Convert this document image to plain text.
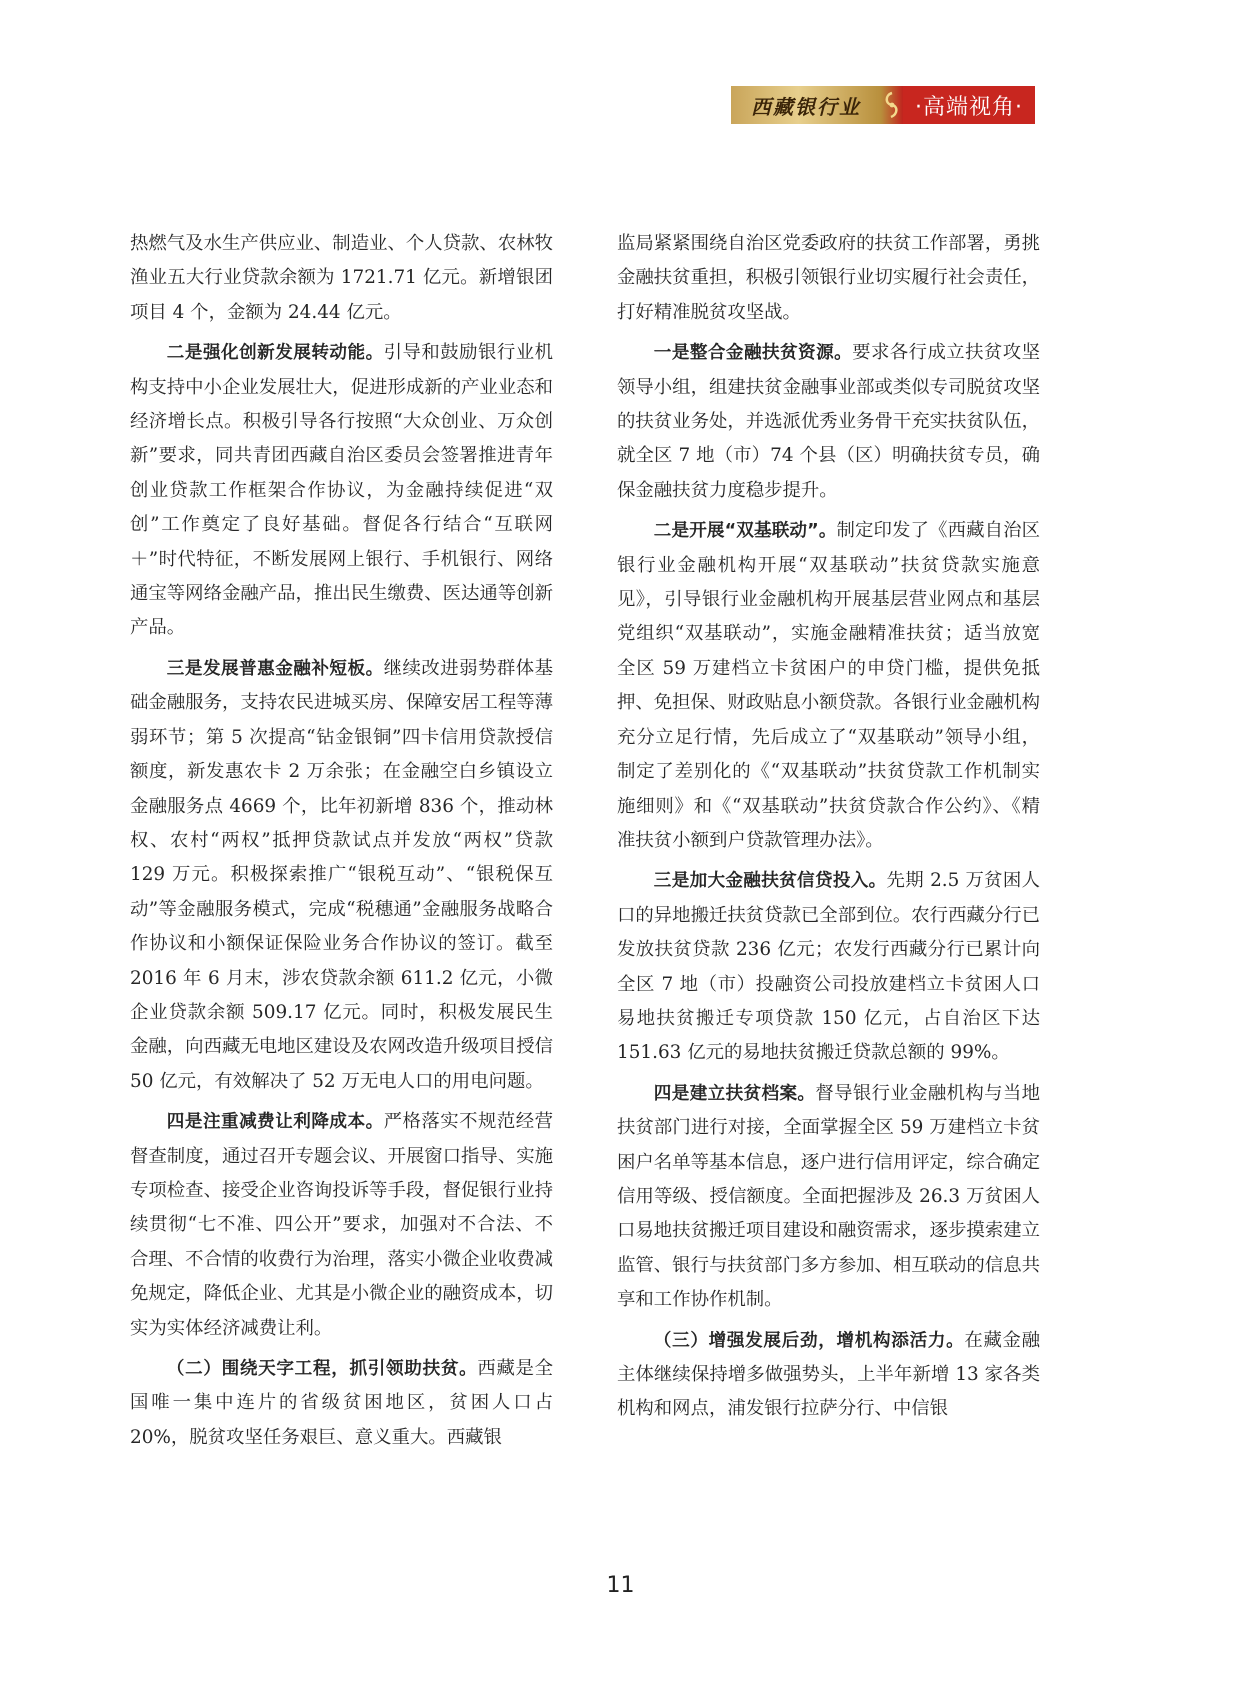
西藏银行业 ·高端视角·

热燃气及水生产供应业、制造业、个人贷款、农林牧渔业五大行业贷款余额为 1721.71 亿元。新增银团项目 4 个，金额为 24.44 亿元。

二是强化创新发展转动能。引导和鼓励银行业机构支持中小企业发展壮大，促进形成新的产业业态和经济增长点。积极引导各行按照“大众创业、万众创新”要求，同共青团西藏自治区委员会签署推进青年创业贷款工作框架合作协议，为金融持续促进“双创”工作奠定了良好基础。督促各行结合“互联网＋”时代特征，不断发展网上银行、手机银行、网络通宝等网络金融产品，推出民生缴费、医达通等创新产品。

三是发展普惠金融补短板。继续改进弱势群体基础金融服务，支持农民进城买房、保障安居工程等薄弱环节；第 5 次提高“钻金银铜”四卡信用贷款授信额度，新发惠农卡 2 万余张；在金融空白乡镇设立金融服务点 4669 个，比年初新增 836 个，推动林权、农村“两权”抵押贷款试点并发放“两权”贷款 129 万元。积极探索推广“银税互动”、“银税保互动”等金融服务模式，完成“税穗通”金融服务战略合作协议和小额保证保险业务合作协议的签订。截至 2016 年 6 月末，涉农贷款余额 611.2 亿元，小微企业贷款余额 509.17 亿元。同时，积极发展民生金融，向西藏无电地区建设及农网改造升级项目授信 50 亿元，有效解决了 52 万无电人口的用电问题。

四是注重减费让利降成本。严格落实不规范经营督查制度，通过召开专题会议、开展窗口指导、实施专项检查、接受企业咨询投诉等手段，督促银行业持续贯彻“七不准、四公开”要求，加强对不合法、不合理、不合情的收费行为治理，落实小微企业收费减免规定，降低企业、尤其是小微企业的融资成本，切实为实体经济减费让利。

（二）围绕天字工程，抓引领助扶贫。西藏是全国唯一集中连片的省级贫困地区，贫困人口占 20%，脱贫攻坚任务艰巨、意义重大。西藏银

监局紧紧围绕自治区党委政府的扶贫工作部署，勇挑金融扶贫重担，积极引领银行业切实履行社会责任，打好精准脱贫攻坚战。

一是整合金融扶贫资源。要求各行成立扶贫攻坚领导小组，组建扶贫金融事业部或类似专司脱贫攻坚的扶贫业务处，并选派优秀业务骨干充实扶贫队伍，就全区 7 地（市）74 个县（区）明确扶贫专员，确保金融扶贫力度稳步提升。

二是开展“双基联动”。制定印发了《西藏自治区银行业金融机构开展“双基联动”扶贫贷款实施意见》，引导银行业金融机构开展基层营业网点和基层党组织“双基联动”，实施金融精准扶贫；适当放宽全区 59 万建档立卡贫困户的申贷门槛，提供免抵押、免担保、财政贴息小额贷款。各银行业金融机构充分立足行情，先后成立了“双基联动”领导小组，制定了差别化的《“双基联动”扶贫贷款工作机制实施细则》和《“双基联动”扶贫贷款合作公约》、《精准扶贫小额到户贷款管理办法》。

三是加大金融扶贫信贷投入。先期 2.5 万贫困人口的异地搬迁扶贫贷款已全部到位。农行西藏分行已发放扶贫贷款 236 亿元；农发行西藏分行已累计向全区 7 地（市）投融资公司投放建档立卡贫困人口易地扶贫搬迁专项贷款 150 亿元，占自治区下达 151.63 亿元的易地扶贫搬迁贷款总额的 99%。

四是建立扶贫档案。督导银行业金融机构与当地扶贫部门进行对接，全面掌握全区 59 万建档立卡贫困户名单等基本信息，逐户进行信用评定，综合确定信用等级、授信额度。全面把握涉及 26.3 万贫困人口易地扶贫搬迁项目建设和融资需求，逐步摸索建立监管、银行与扶贫部门多方参加、相互联动的信息共享和工作协作机制。

（三）增强发展后劲，增机构添活力。在藏金融主体继续保持增多做强势头，上半年新增 13 家各类机构和网点，浦发银行拉萨分行、中信银

11
